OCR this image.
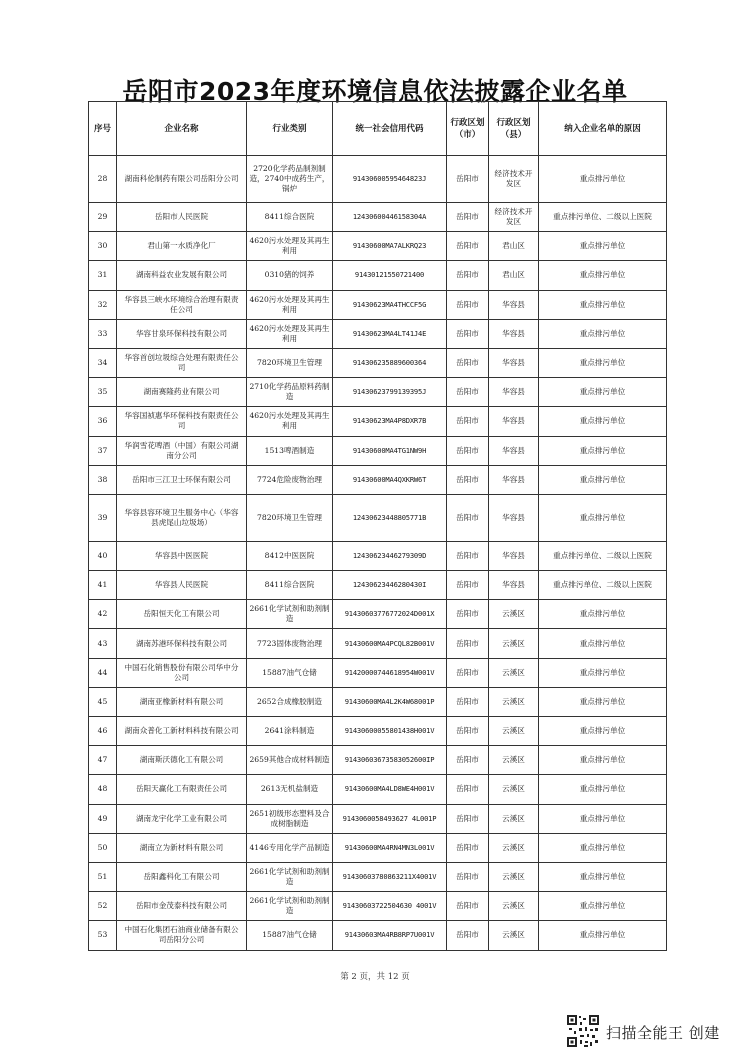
岳阳市2023年度环境信息依法披露企业名单
序号	企业名称	行业类别	统一社会信用代码	行政区划（市）	行政区划（县）	纳入企业名单的原因
28	湖南科伦制药有限公司岳阳分公司	2720化学药品制剂制造，2740中成药生产，锅炉	91430600595464823J	岳阳市	经济技术开发区	重点排污单位
29	岳阳市人民医院	8411综合医院	12430600446158304A	岳阳市	经济技术开发区	重点排污单位、二级以上医院
30	君山第一水质净化厂	4620污水处理及其再生利用	91430600MA7ALKRQ23	岳阳市	君山区	重点排污单位
31	湖南科益农业发展有限公司	0310猪的饲养	91430121550721400	岳阳市	君山区	重点排污单位
32	华容县三峡水环境综合治理有限责任公司	4620污水处理及其再生利用	91430623MA4THCCF5G	岳阳市	华容县	重点排污单位
33	华容甘泉环保科技有限公司	4620污水处理及其再生利用	91430623MA4LT41J4E	岳阳市	华容县	重点排污单位
34	华容首创垃圾综合处理有限责任公司	7820环境卫生管理	914306235889600364	岳阳市	华容县	重点排污单位
35	湖南赛隆药业有限公司	2710化学药品原料药制造	91430623799139395J	岳阳市	华容县	重点排污单位
36	华容国祯惠华环保科技有限责任公司	4620污水处理及其再生利用	91430623MA4P8DXR7B	岳阳市	华容县	重点排污单位
37	华润雪花啤酒（中国）有限公司湖南分公司	1513啤酒制造	91430600MA4TG1NW9H	岳阳市	华容县	重点排污单位
38	岳阳市三江卫士环保有限公司	7724危险废物治理	91430600MA4QXKRW6T	岳阳市	华容县	重点排污单位
39	华容县容环境卫生服务中心（华容县虎尾山垃圾场）	7820环境卫生管理	12430623448805771B	岳阳市	华容县	重点排污单位
40	华容县中医医院	8412中医医院	12430623446279309D	岳阳市	华容县	重点排污单位、二级以上医院
41	华容县人民医院	8411综合医院	12430623446280430I	岳阳市	华容县	重点排污单位、二级以上医院
42	岳阳恒天化工有限公司	2661化学试剂和助剂制造	91430603776772024D001X	岳阳市	云溪区	重点排污单位
43	湖南苏港环保科技有限公司	7723固体废物治理	91430600MA4PCQL82B001V	岳阳市	云溪区	重点排污单位
44	中国石化销售股份有限公司华中分公司	15887油气仓储	91420000744618954W001V	岳阳市	云溪区	重点排污单位
45	湖南亚橡新材料有限公司	2652合成橡胶制造	91430600MA4L2K4W68001P	岳阳市	云溪区	重点排污单位
46	湖南众普化工新材料科技有限公司	2641涂料制造	91430600055801438H001V	岳阳市	云溪区	重点排污单位
47	湖南斯沃德化工有限公司	2659其他合成材料制造	91430603673583052600IP	岳阳市	云溪区	重点排污单位
48	岳阳天赢化工有限责任公司	2613无机盐制造	91430600MA4LD8WE4H001V	岳阳市	云溪区	重点排污单位
49	湖南龙宇化学工业有限公司	2651初级形态塑料及合成树脂制造	9143060058493627 4L001P	岳阳市	云溪区	重点排污单位
50	湖南立为新材料有限公司	4146专用化学产品制造	91430600MA4RN4MN3L001V	岳阳市	云溪区	重点排污单位
51	岳阳鑫科化工有限公司	2661化学试剂和助剂制造	91430603780863211X4001V	岳阳市	云溪区	重点排污单位
52	岳阳市金茂泰科技有限公司	2661化学试剂和助剂制造	91430603722504630 4001V	岳阳市	云溪区	重点排污单位
53	中国石化集团石油商业储备有限公司岳阳分公司	15887油气仓储	91430603MA4RB8RP7U001V	岳阳市	云溪区	重点排污单位
第 2 页，共 12 页
扫描全能王 创建
